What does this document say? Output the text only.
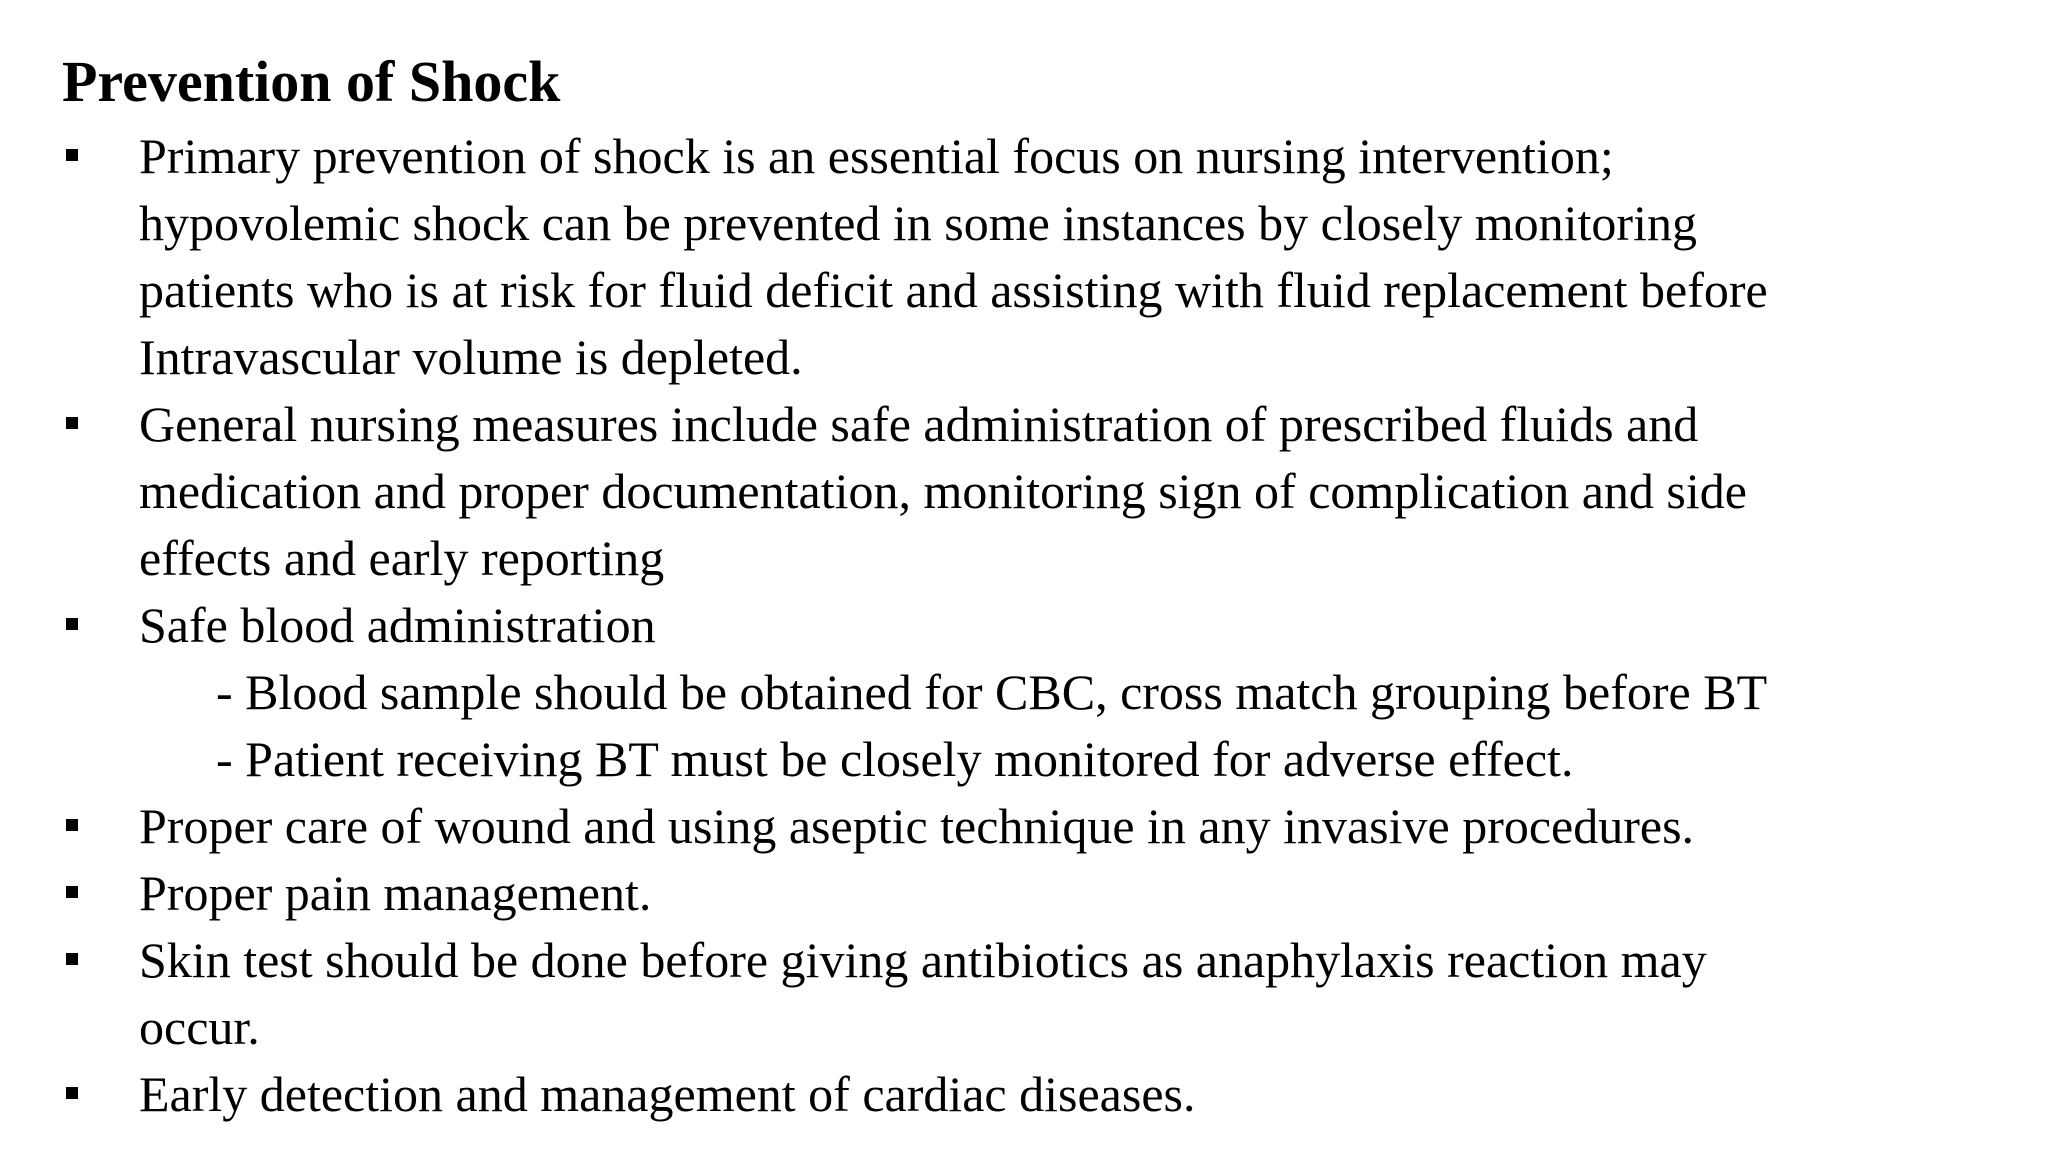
Prevention of Shock
Primary prevention of shock is an essential focus on nursing intervention;
hypovolemic shock can be prevented in some instances by closely monitoring
patients who is at risk for fluid deficit and assisting with fluid replacement before
Intravascular volume is depleted.
General nursing measures include safe administration of prescribed fluids and
medication and proper documentation, monitoring sign of complication and side
effects and early reporting
Safe blood administration
- Blood sample should be obtained for CBC, cross match grouping before BT
- Patient receiving BT must be closely monitored for adverse effect.
Proper care of wound and using aseptic technique in any invasive procedures.
Proper pain management.
Skin test should be done before giving antibiotics as anaphylaxis reaction may
occur.
Early detection and management of cardiac diseases.
